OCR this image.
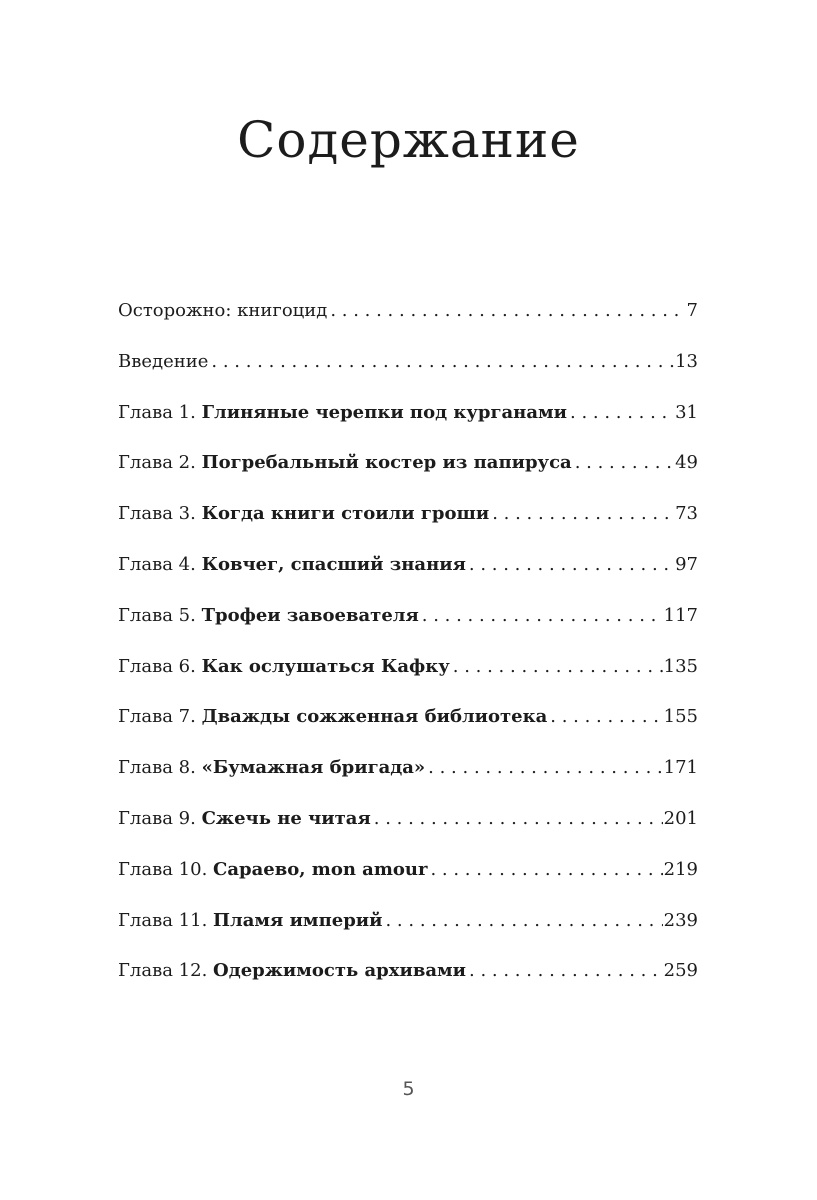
Содержание
Осторожно: книгоцид . . .	7
Введение . . .	13
Глава 1. Глиняные черепки под курганами . . .	31
Глава 2. Погребальный костер из папируса . . .	49
Глава 3. Когда книги стоили гроши . . .	73
Глава 4. Ковчег, спасший знания . . .	97
Глава 5. Трофеи завоевателя . . .	117
Глава 6. Как ослушаться Кафку . . .	135
Глава 7. Дважды сожженная библиотека . . .	155
Глава 8. «Бумажная бригада» . . .	171
Глава 9. Сжечь не читая . . .	201
Глава 10. Сараево, mon amour . . .	219
Глава 11. Пламя империй . . .	239
Глава 12. Одержимость архивами . . .	259
5
